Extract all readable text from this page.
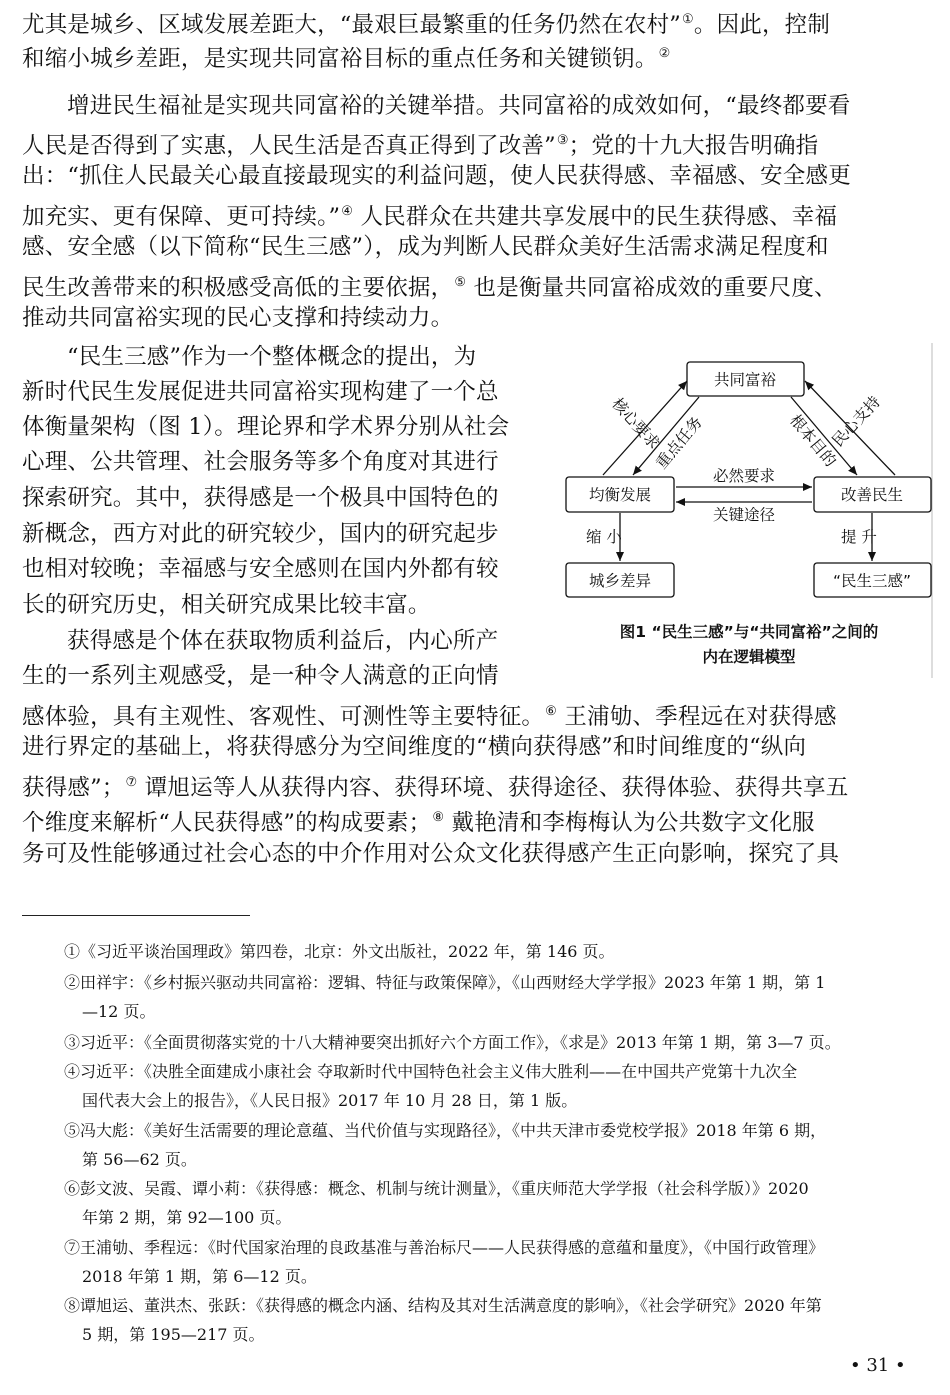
尤其是城乡、区域发展差距大，“最艰巨最繁重的任务仍然在农村”①。因此，控制
和缩小城乡差距，是实现共同富裕目标的重点任务和关键锁钥。②
增进民生福祉是实现共同富裕的关键举措。共同富裕的成效如何，“最终都要看
人民是否得到了实惠，人民生活是否真正得到了改善”③；党的十九大报告明确指
出：“抓住人民最关心最直接最现实的利益问题，使人民获得感、幸福感、安全感更
加充实、更有保障、更可持续。”④ 人民群众在共建共享发展中的民生获得感、幸福
感、安全感（以下简称“民生三感”），成为判断人民群众美好生活需求满足程度和
民生改善带来的积极感受高低的主要依据，⑤ 也是衡量共同富裕成效的重要尺度、
推动共同富裕实现的民心支撑和持续动力。
“民生三感”作为一个整体概念的提出，为
新时代民生发展促进共同富裕实现构建了一个总
体衡量架构（图 1）。理论界和学术界分别从社会
心理、公共管理、社会服务等多个角度对其进行
探索研究。其中，获得感是一个极具中国特色的
新概念，西方对此的研究较少，国内的研究起步
也相对较晚；幸福感与安全感则在国内外都有较
长的研究历史，相关研究成果比较丰富。
获得感是个体在获取物质利益后，内心所产
生的一系列主观感受，是一种令人满意的正向情
感体验，具有主观性、客观性、可测性等主要特征。⑥ 王浦劬、季程远在对获得感
进行界定的基础上，将获得感分为空间维度的“横向获得感”和时间维度的“纵向
获得感”；⑦ 谭旭运等人从获得内容、获得环境、获得途径、获得体验、获得共享五
个维度来解析“人民获得感”的构成要素；⑧ 戴艳清和李梅梅认为公共数字文化服
务可及性能够通过社会心态的中介作用对公众文化获得感产生正向影响，探究了具
共同富裕
均衡发展	改善民生
城乡差异	“民生三感”
核心要求
重点任务	根本目的
民心支持
必然要求
关键途径
缩 小	提 升
图1 “民生三感”与“共同富裕”之间的
内在逻辑模型
①《习近平谈治国理政》第四卷，北京：外文出版社，2022 年，第 146 页。
②田祥宇：《乡村振兴驱动共同富裕：逻辑、特征与政策保障》，《山西财经大学学报》2023 年第 1 期，第 1
—12 页。
③习近平：《全面贯彻落实党的十八大精神要突出抓好六个方面工作》，《求是》2013 年第 1 期，第 3—7 页。
④习近平：《决胜全面建成小康社会 夺取新时代中国特色社会主义伟大胜利——在中国共产党第十九次全
国代表大会上的报告》，《人民日报》2017 年 10 月 28 日，第 1 版。
⑤冯大彪：《美好生活需要的理论意蕴、当代价值与实现路径》，《中共天津市委党校学报》2018 年第 6 期，
第 56—62 页。
⑥彭文波、吴霞、谭小莉：《获得感：概念、机制与统计测量》，《重庆师范大学学报（社会科学版）》2020
年第 2 期，第 92—100 页。
⑦王浦劬、季程远：《时代国家治理的良政基准与善治标尺——人民获得感的意蕴和量度》，《中国行政管理》
2018 年第 1 期，第 6—12 页。
⑧谭旭运、董洪杰、张跃：《获得感的概念内涵、结构及其对生活满意度的影响》，《社会学研究》2020 年第
5 期，第 195—217 页。
• 31 •
